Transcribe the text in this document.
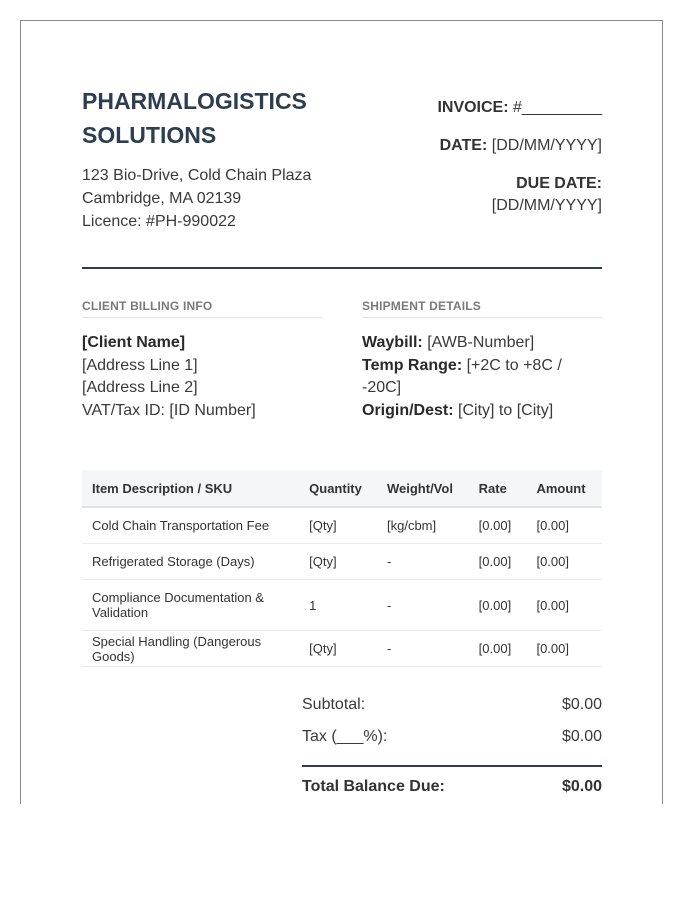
PHARMALOGISTICS SOLUTIONS
123 Bio-Drive, Cold Chain Plaza
Cambridge, MA 02139
Licence: #PH-990022
INVOICE: #_________
DATE: [DD/MM/YYYY]
DUE DATE:
[DD/MM/YYYY]
CLIENT BILLING INFO
[Client Name]
[Address Line 1]
[Address Line 2]
VAT/Tax ID: [ID Number]
SHIPMENT DETAILS
Waybill: [AWB-Number]
Temp Range: [+2C to +8C / -20C]
Origin/Dest: [City] to [City]
Item Description / SKU	Quantity	Weight/Vol	Rate	Amount
Cold Chain Transportation Fee	[Qty]	[kg/cbm]	[0.00]	[0.00]
Refrigerated Storage (Days)	[Qty]	-	[0.00]	[0.00]
Compliance Documentation & Validation	1	-	[0.00]	[0.00]
Special Handling (Dangerous Goods)	[Qty]	-	[0.00]	[0.00]
Subtotal:	$0.00
Tax (___%):	$0.00
Total Balance Due:	$0.00
